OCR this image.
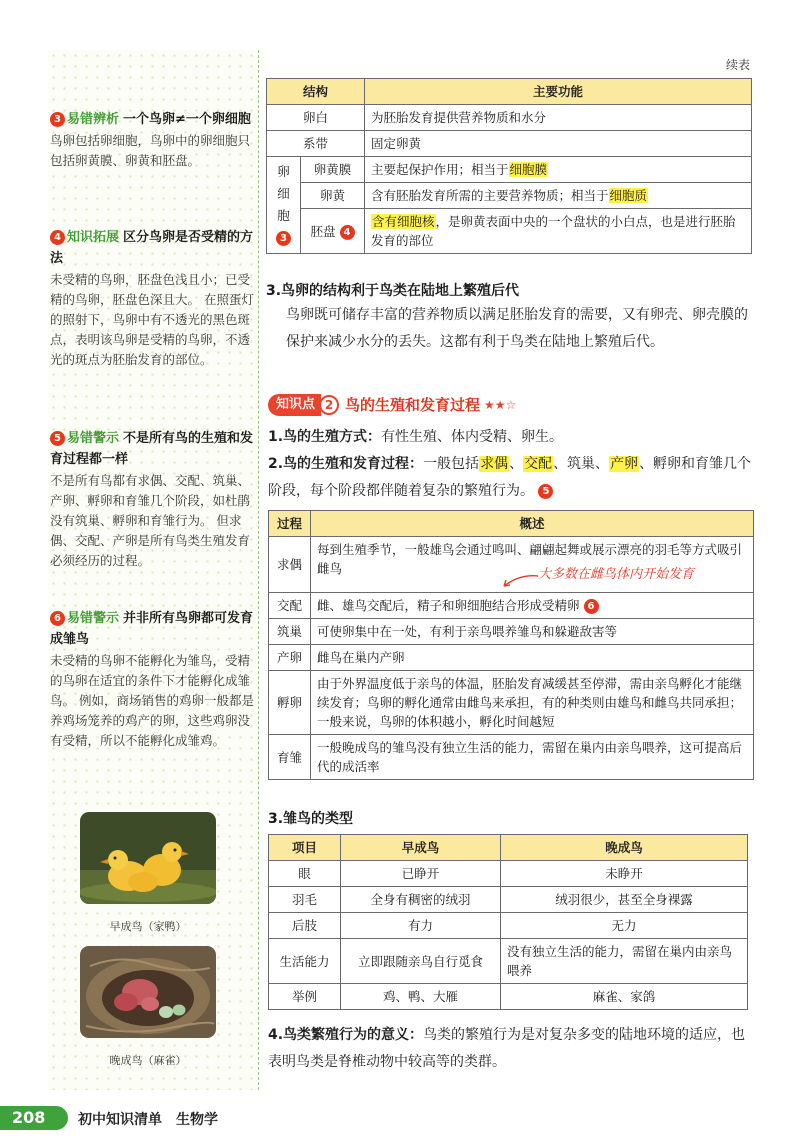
3 易错辨析 一个鸟卵≠一个卵细胞
鸟卵包括卵细胞，鸟卵中的卵细胞只包括卵黄膜、卵黄和胚盘。
4 知识拓展 区分鸟卵是否受精的方法
未受精的鸟卵，胚盘色浅且小；已受精的鸟卵，胚盘色深且大。 在照蛋灯的照射下，鸟卵中有不透光的黑色斑点，表明该鸟卵是受精的鸟卵，不透光的斑点为胚胎发育的部位。
5 易错警示 不是所有鸟的生殖和发育过程都一样
不是所有鸟都有求偶、交配、筑巢、产卵、孵卵和育雏几个阶段，如杜鹃没有筑巢、孵卵和育雏行为。 但求偶、交配、产卵是所有鸟类生殖发育必须经历的过程。
6 易错警示 并非所有鸟卵都可发育成雏鸟
未受精的鸟卵不能孵化为雏鸟，受精的鸟卵在适宜的条件下才能孵化成雏鸟。 例如，商场销售的鸡卵一般都是养鸡场笼养的鸡产的卵，这些鸡卵没有受精，所以不能孵化成雏鸡。
早成鸟（家鸭）
晚成鸟（麻雀）
续表
结构		主要功能
卵白		为胚胎发育提供营养物质和水分
系带		固定卵黄

卵细胞
3	卵黄膜	主要起保护作用；相当于细胞膜
	卵黄	含有胚胎发育所需的主要营养物质；相当于细胞质
	胚盘 4	含有细胞核，是卵黄表面中央的一个盘状的小白点，也是进行胚胎发育的部位
3.鸟卵的结构利于鸟类在陆地上繁殖后代
鸟卵既可储存丰富的营养物质以满足胚胎发育的需要，又有卵壳、卵壳膜的保护来减少水分的丢失。这都有利于鸟类在陆地上繁殖后代。
知识点 2 鸟的生殖和发育过程 ★★☆
1.鸟的生殖方式：有性生殖、体内受精、卵生。
2.鸟的生殖和发育过程：一般包括求偶、交配、筑巢、产卵、孵卵和育雏几个阶段，每个阶段都伴随着复杂的繁殖行为。 5
过程	概述
求偶	每到生殖季节，一般雄鸟会通过鸣叫、翩翩起舞或展示漂亮的羽毛等方式吸引雌鸟
交配	雌、雄鸟交配后，精子和卵细胞结合形成受精卵 6
筑巢	可使卵集中在一处，有利于亲鸟喂养雏鸟和躲避敌害等
产卵	雌鸟在巢内产卵
孵卵	由于外界温度低于亲鸟的体温，胚胎发育减缓甚至停滞，需由亲鸟孵化才能继续发育；鸟卵的孵化通常由雌鸟来承担，有的种类则由雄鸟和雌鸟共同承担；一般来说，鸟卵的体积越小，孵化时间越短
育雏	一般晚成鸟的雏鸟没有独立生活的能力，需留在巢内由亲鸟喂养，这可提高后代的成活率
大多数在雌鸟体内开始发育
3.雏鸟的类型
项目	早成鸟	晚成鸟
眼	已睁开	未睁开
羽毛	全身有稠密的绒羽	绒羽很少，甚至全身裸露
后肢	有力	无力
生活能力	立即跟随亲鸟自行觅食	没有独立生活的能力，需留在巢内由亲鸟喂养
举例	鸡、鸭、大雁	麻雀、家鸽
4.鸟类繁殖行为的意义：鸟类的繁殖行为是对复杂多变的陆地环境的适应，也表明鸟类是脊椎动物中较高等的类群。
208 初中知识清单 生物学
